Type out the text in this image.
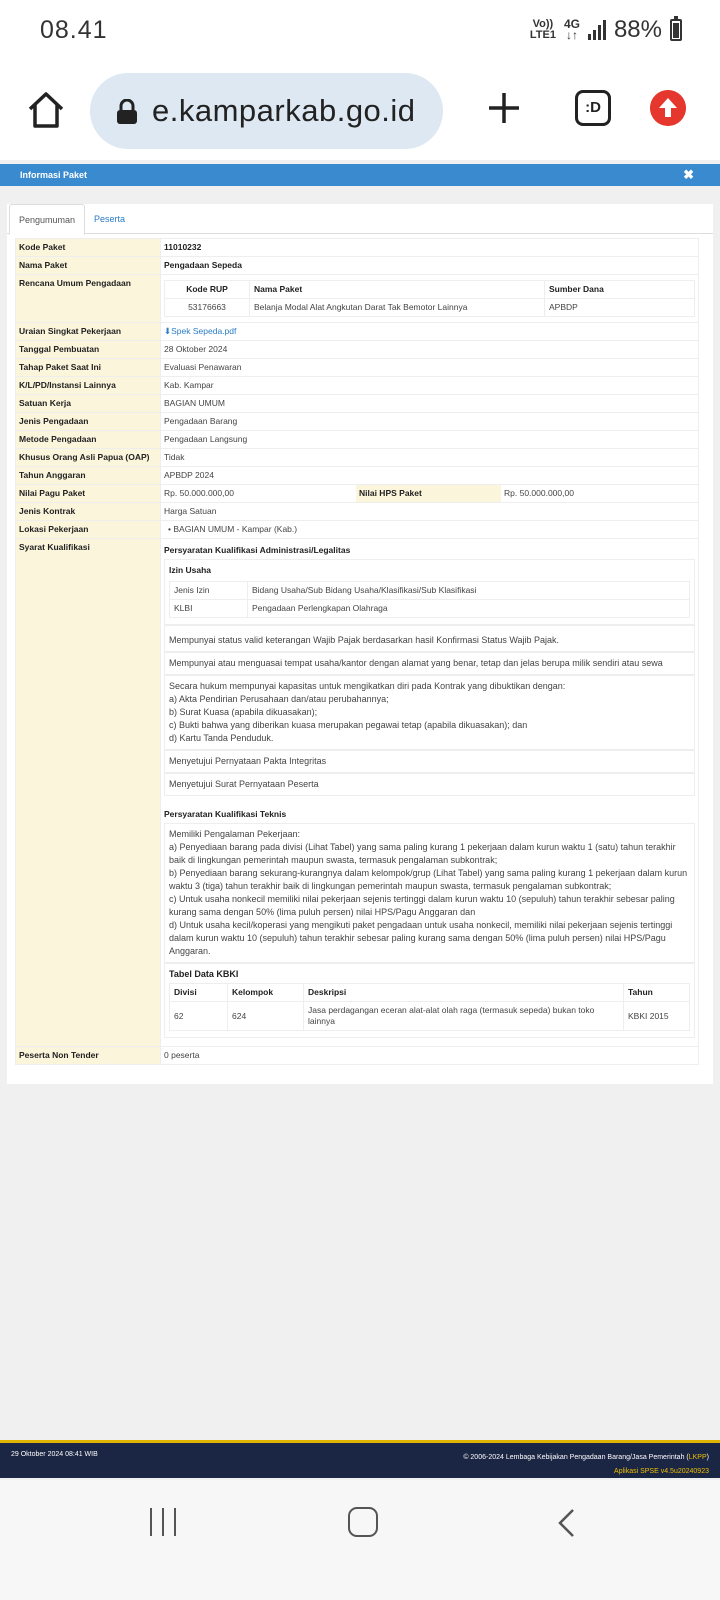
08.41	Vo))
LTE1
4G
↓↑ 88%
e.kamparkab.go.id	:D
Informasi Paket	✖
Pengumuman	Peserta
Kode Paket	11010232
Nama Paket	Pengadaan Sepeda
Rencana Umum Pengadaan	
Kode RUP	Nama Paket	Sumber Dana
53176663	Belanja Modal Alat Angkutan Darat Tak Bemotor Lainnya	APBDP

Uraian Singkat Pekerjaan	⬇Spek Sepeda.pdf
Tanggal Pembuatan	28 Oktober 2024
Tahap Paket Saat Ini	Evaluasi Penawaran
K/L/PD/Instansi Lainnya	Kab. Kampar
Satuan Kerja	BAGIAN UMUM
Jenis Pengadaan	Pengadaan Barang
Metode Pengadaan	Pengadaan Langsung
Khusus Orang Asli Papua (OAP)	Tidak
Tahun Anggaran	APBDP 2024
Nilai Pagu Paket		Rp. 50.000.000,00	Nilai HPS Paket	Rp. 50.000.000,00

Jenis Kontrak	Harga Satuan
Lokasi Pekerjaan	• BAGIAN UMUM - Kampar (Kab.)
Syarat Kualifikasi	Persyaratan Kualifikasi Administrasi/Legalitas
Izin Usaha
Jenis Izin	Bidang Usaha/Sub Bidang Usaha/Klasifikasi/Sub Klasifikasi
KLBI	Pengadaan Perlengkapan Olahraga
Mempunyai status valid keterangan Wajib Pajak berdasarkan hasil Konfirmasi Status Wajib Pajak.
Mempunyai atau menguasai tempat usaha/kantor dengan alamat yang benar, tetap dan jelas berupa milik sendiri atau sewa
Secara hukum mempunyai kapasitas untuk mengikatkan diri pada Kontrak yang dibuktikan dengan:
a) Akta Pendirian Perusahaan dan/atau perubahannya;
b) Surat Kuasa (apabila dikuasakan);
c) Bukti bahwa yang diberikan kuasa merupakan pegawai tetap (apabila dikuasakan); dan
d) Kartu Tanda Penduduk.
Menyetujui Pernyataan Pakta Integritas
Menyetujui Surat Pernyataan Peserta
Persyaratan Kualifikasi Teknis
Memiliki Pengalaman Pekerjaan:
a) Penyediaan barang pada divisi (Lihat Tabel) yang sama paling kurang 1 pekerjaan dalam kurun waktu 1 (satu) tahun terakhir baik di lingkungan pemerintah maupun swasta, termasuk pengalaman subkontrak;
b) Penyediaan barang sekurang-kurangnya dalam kelompok/grup (Lihat Tabel) yang sama paling kurang 1 pekerjaan dalam kurun waktu 3 (tiga) tahun terakhir baik di lingkungan pemerintah maupun swasta, termasuk pengalaman subkontrak;
c) Untuk usaha nonkecil memiliki nilai pekerjaan sejenis tertinggi dalam kurun waktu 10 (sepuluh) tahun terakhir sebesar paling kurang sama dengan 50% (lima puluh persen) nilai HPS/Pagu Anggaran dan
d) Untuk usaha kecil/koperasi yang mengikuti paket pengadaan untuk usaha nonkecil, memiliki nilai pekerjaan sejenis tertinggi dalam kurun waktu 10 (sepuluh) tahun terakhir sebesar paling kurang sama dengan 50% (lima puluh persen) nilai HPS/Pagu Anggaran.
Tabel Data KBKI
Divisi	Kelompok	Deskripsi	Tahun
62	624	Jasa perdagangan eceran alat-alat olah raga (termasuk sepeda) bukan toko lainnya	KBKI 2015

Peserta Non Tender	0 peserta
29 Oktober 2024 08:41 WIB	© 2006-2024 Lembaga Kebijakan Pengadaan Barang/Jasa Pemerintah (LKPP)
Aplikasi SPSE v4.5u20240923
